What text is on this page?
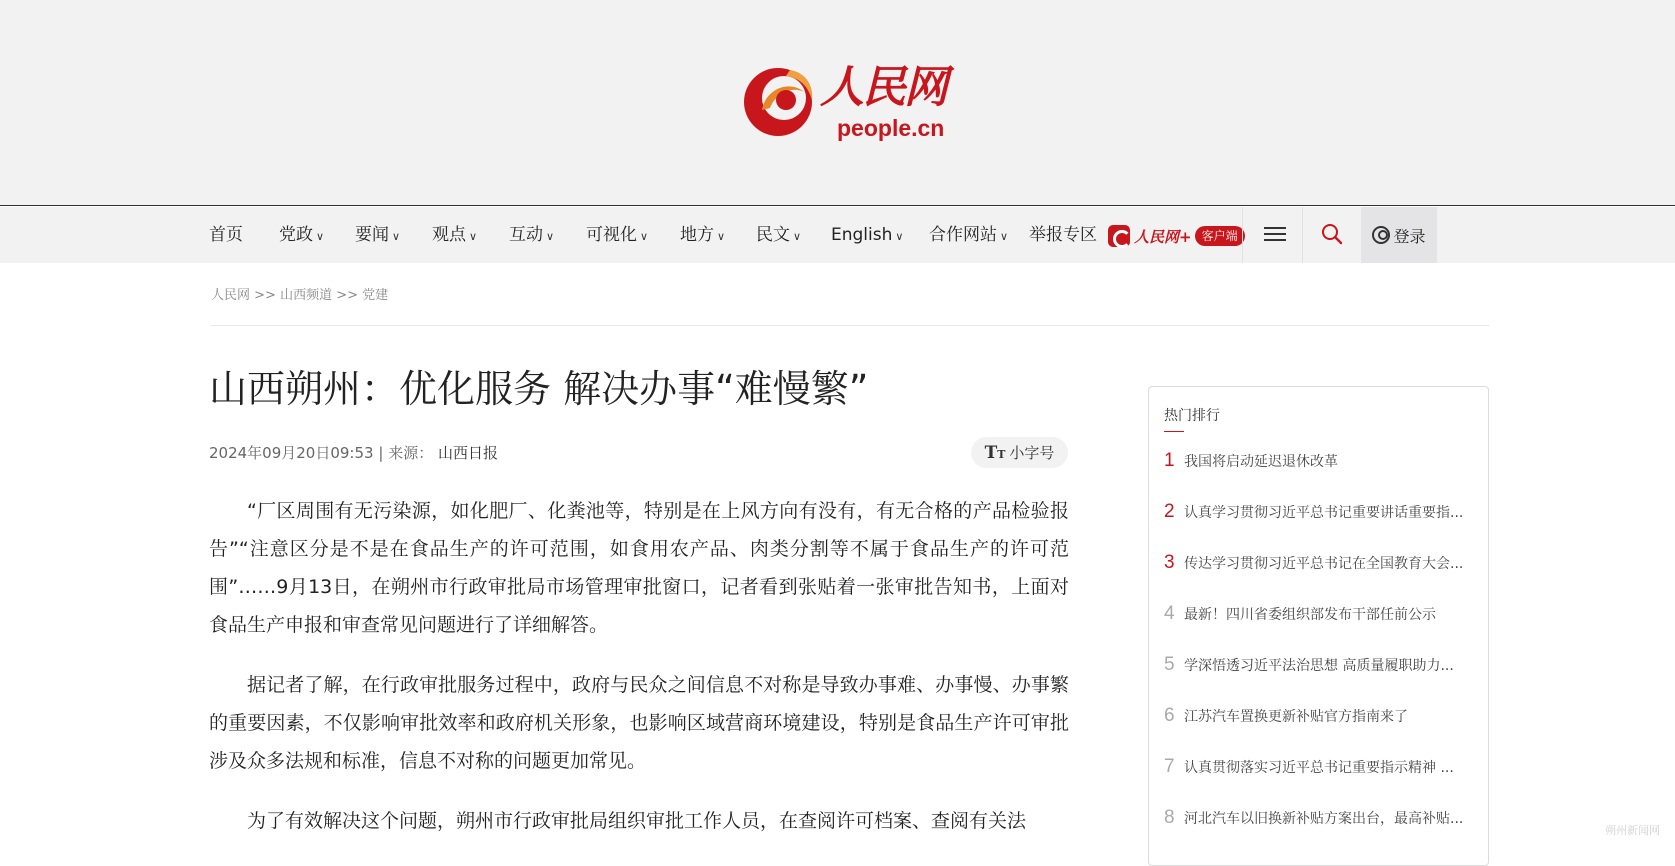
人民网
people.cn
首页 党政 ∨ 要闻 ∨ 观点 ∨ 互动 ∨ 可视化 ∨ 地方 ∨ 民文 ∨ English ∨ 合作网站 ∨ 举报专区 人民网+ 客户端	登录
人民网 >> 山西频道 >> 党建
山西朔州：优化服务 解决办事“难慢繁”
2024年09月20日09:53 | 来源： 山西日报	TT 小字号

“厂区周围有无污染源，如化肥厂、化粪池等，特别是在上风方向有没有，有无合格的产品检验报告”“注意区分是不是在食品生产的许可范围，如食用农产品、肉类分割等不属于食品生产的许可范围”……9月13日，在朔州市行政审批局市场管理审批窗口，记者看到张贴着一张审批告知书，上面对食品生产申报和审查常见问题进行了详细解答。

据记者了解，在行政审批服务过程中，政府与民众之间信息不对称是导致办事难、办事慢、办事繁的重要因素，不仅影响审批效率和政府机关形象，也影响区域营商环境建设，特别是食品生产许可审批涉及众多法规和标准，信息不对称的问题更加常见。

为了有效解决这个问题，朔州市行政审批局组织审批工作人员，在查阅许可档案、查阅有关法

热门排行
1 我国将启动延迟退休改革
2 认真学习贯彻习近平总书记重要讲话重要指...
3 传达学习贯彻习近平总书记在全国教育大会...
4 最新！四川省委组织部发布干部任前公示
5 学深悟透习近平法治思想 高质量履职助力...
6 江苏汽车置换更新补贴官方指南来了
7 认真贯彻落实习近平总书记重要指示精神 ...
8 河北汽车以旧换新补贴方案出台，最高补贴...
朔州新闻网
